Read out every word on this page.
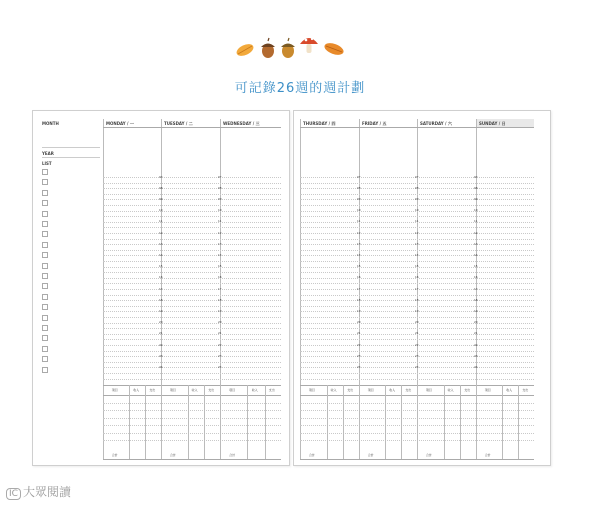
可記錄26週的週計劃
MONTH
YEAR
LIST
MONDAY / 一	TUESDAY / 二	WEDNESDAY / 三
07
08
09
10
11
12
13
14
15
16
17
18
19
20
21
22
23
24
07
08
09
10
11
12
13
14
15
16
17
18
19
20
21
22
23
24
項目	收入	支出
合計
項目	收入	支出
合計
項目	收入	支出
合計
THURSDAY / 四	FRIDAY / 五	SATURDAY / 六	SUNDAY / 日
07
08
09
10
11
12
13
14
15
16
17
18
19
20
21
22
23
24
07
08
09
10
11
12
13
14
15
16
17
18
19
20
21
22
23
24
07
08
09
10
11
12
13
14
15
16
17
18
19
20
21
22
23
24
項目	收入	支出
合計
項目	收入	支出
合計
項目	收入	支出
合計
項目	收入	支出
合計
IC 大眾閱讀
